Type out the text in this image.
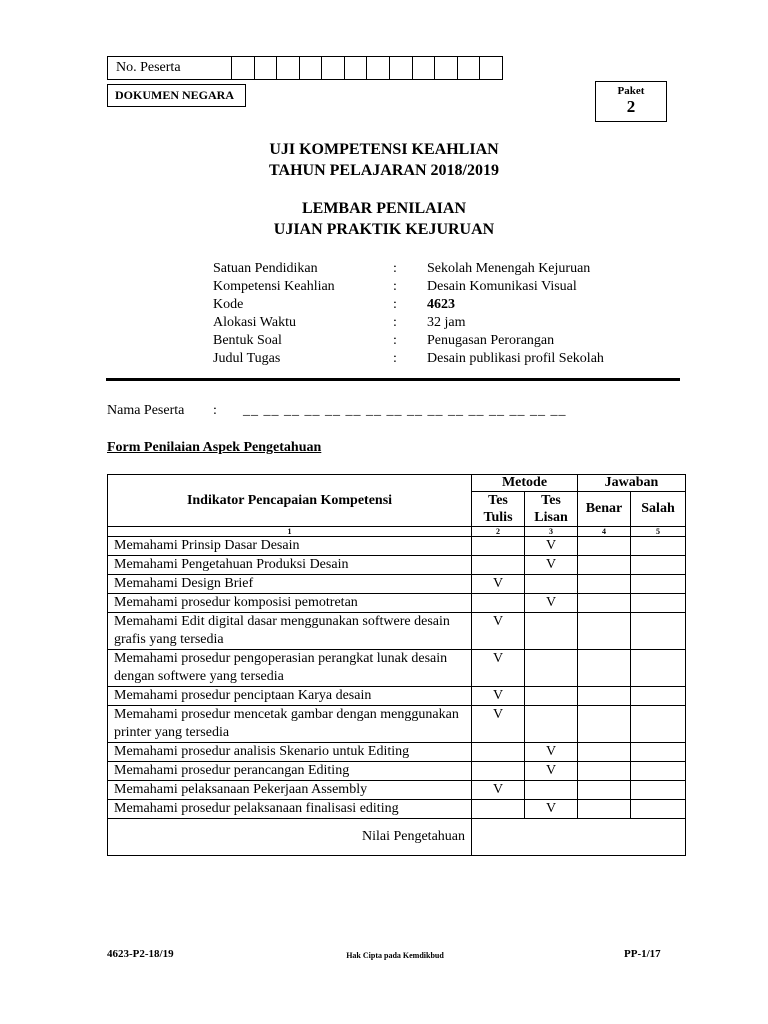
No. Peserta
DOKUMEN NEGARA	Paket
2
UJI KOMPETENSI KEAHLIAN
TAHUN PELAJARAN 2018/2019
LEMBAR PENILAIAN
UJIAN PRAKTIK KEJURUAN
Satuan Pendidikan	:	Sekolah Menengah Kejuruan
Kompetensi Keahlian	:	Desain Komunikasi Visual
Kode	:	4623
Alokasi Waktu	:	32 jam
Bentuk Soal	:	Penugasan Perorangan
Judul Tugas	:	Desain publikasi profil Sekolah
Nama Peserta	:	__ __ __ __ __ __ __ __ __ __ __ __ __ __ __ __
Form Penilaian Aspek Pengetahuan
Indikator Pencapaian Kompetensi	Metode		Jawaban	
	Tes Tulis	Tes Lisan	Benar	Salah
1	2	3	4	5
Memahami Prinsip Dasar Desain		V		
Memahami Pengetahuan Produksi Desain		V		
Memahami Design Brief	V			
Memahami prosedur komposisi pemotretan		V		
Memahami Edit digital dasar menggunakan softwere desain grafis yang tersedia	V			
Memahami prosedur pengoperasian perangkat lunak desain dengan softwere yang tersedia	V			
Memahami prosedur penciptaan Karya desain	V			
Memahami prosedur mencetak gambar dengan menggunakan printer yang tersedia	V			
Memahami prosedur analisis Skenario untuk Editing		V		
Memahami prosedur perancangan Editing		V		
Memahami pelaksanaan Pekerjaan Assembly	V			
Memahami prosedur pelaksanaan finalisasi editing		V		
Nilai Pengetahuan				
4623-P2-18/19	Hak Cipta pada Kemdikbud	PP-1/17
